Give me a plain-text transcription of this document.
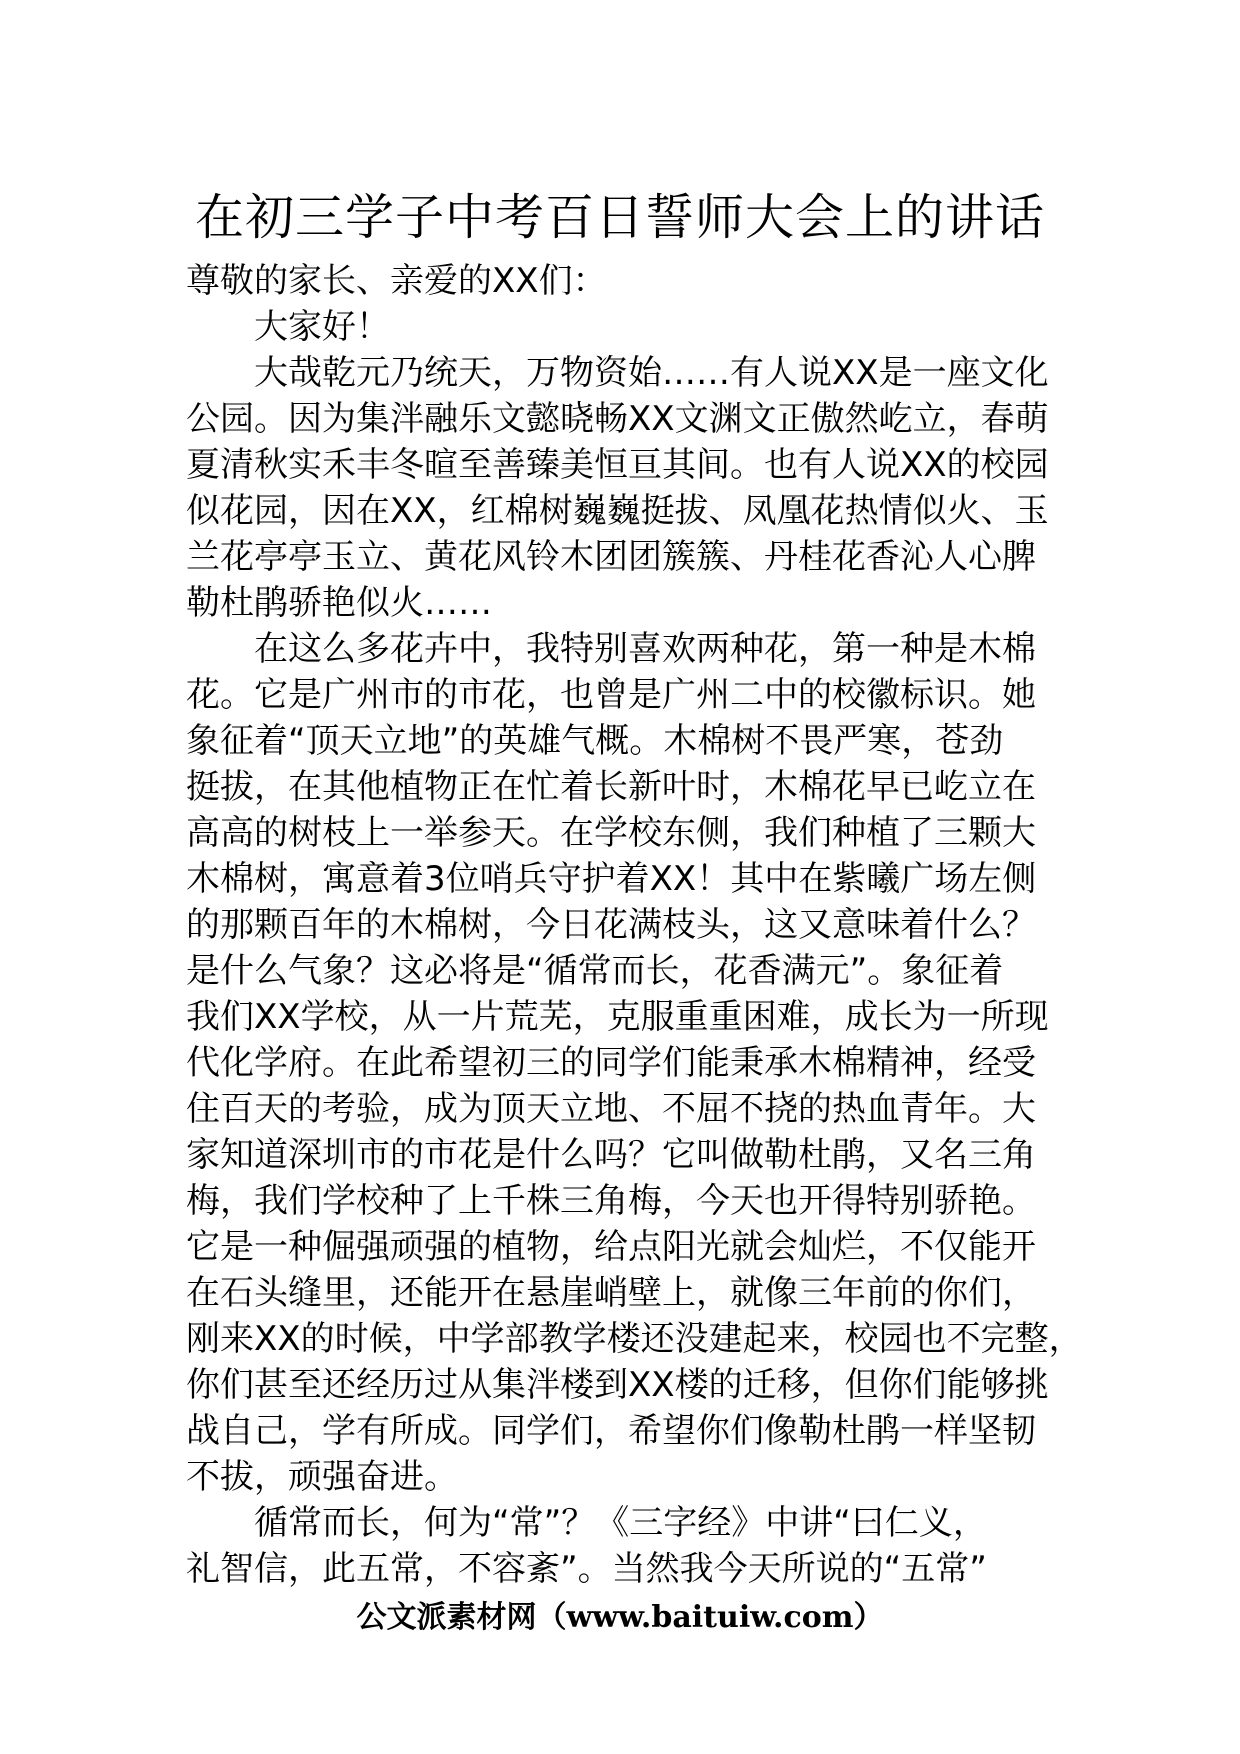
在初三学子中考百日誓师大会上的讲话
尊敬的家长、亲爱的XX们：
大家好！
大哉乾元乃统天，万物资始……有人说XX是一座文化
公园。因为集泮融乐文懿晓畅XX文渊文正傲然屹立，春萌
夏清秋实禾丰冬暄至善臻美恒亘其间。也有人说XX的校园
似花园，因在XX，红棉树巍巍挺拔、凤凰花热情似火、玉
兰花亭亭玉立、黄花风铃木团团簇簇、丹桂花香沁人心脾
勒杜鹃骄艳似火……
在这么多花卉中，我特别喜欢两种花，第一种是木棉
花。它是广州市的市花，也曾是广州二中的校徽标识。她
象征着“顶天立地”的英雄气概。木棉树不畏严寒，苍劲
挺拔，在其他植物正在忙着长新叶时，木棉花早已屹立在
高高的树枝上一举参天。在学校东侧，我们种植了三颗大
木棉树，寓意着3位哨兵守护着XX！其中在紫曦广场左侧
的那颗百年的木棉树，今日花满枝头，这又意味着什么？
是什么气象？这必将是“循常而长，花香满元”。象征着
我们XX学校，从一片荒芜，克服重重困难，成长为一所现
代化学府。在此希望初三的同学们能秉承木棉精神，经受
住百天的考验，成为顶天立地、不屈不挠的热血青年。大
家知道深圳市的市花是什么吗？它叫做勒杜鹃，又名三角
梅，我们学校种了上千株三角梅，今天也开得特别骄艳。
它是一种倔强顽强的植物，给点阳光就会灿烂，不仅能开
在石头缝里，还能开在悬崖峭壁上，就像三年前的你们，
刚来XX的时候，中学部教学楼还没建起来，校园也不完整，
你们甚至还经历过从集泮楼到XX楼的迁移，但你们能够挑
战自己，学有所成。同学们，希望你们像勒杜鹃一样坚韧
不拔，顽强奋进。
循常而长，何为“常”？《三字经》中讲“曰仁义，
礼智信，此五常，不容紊”。当然我今天所说的“五常”
公文派素材网（www.baituiw.com）
